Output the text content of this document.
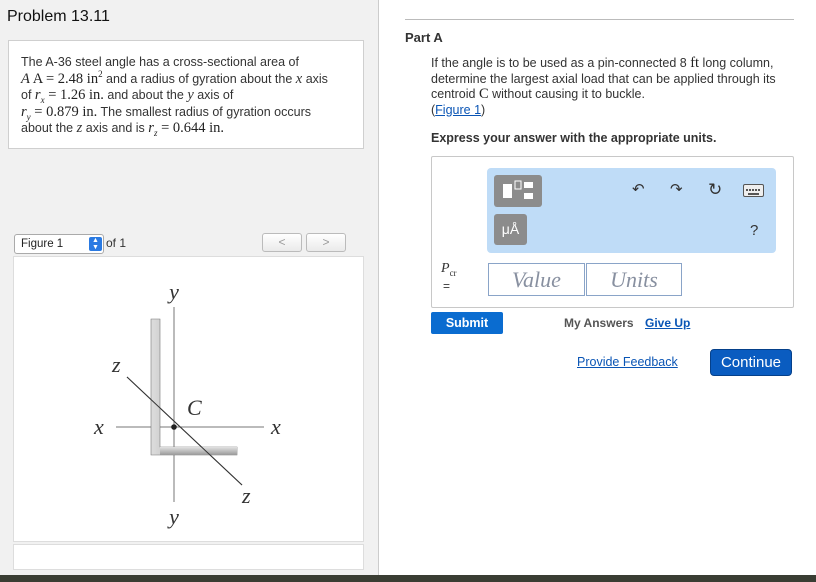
Problem 13.11
The A-36 steel angle has a cross-sectional area of
A A = 2.48 $in^2$ and a radius of gyration about the x axis
of $r_x = 1.26$ in. and about the y axis of
$r_y = 0.879$ in. The smallest radius of gyration occurs
about the z axis and is $r_z = 0.644$ in.
Figure 1	▲
▼ of 1	<	>
y
y
x	x
z
z
C
Part A
If the angle is to be used as a pin-connected 8 ft long column, determine the largest axial load that can be applied through its centroid C without causing it to buckle.
(Figure 1)
Express your answer with the appropriate units.
μÅ
↶ ↷ ↻
?
$P_{cr}$
=	Value	Units
Submit	My Answers Give Up
Provide Feedback	Continue
